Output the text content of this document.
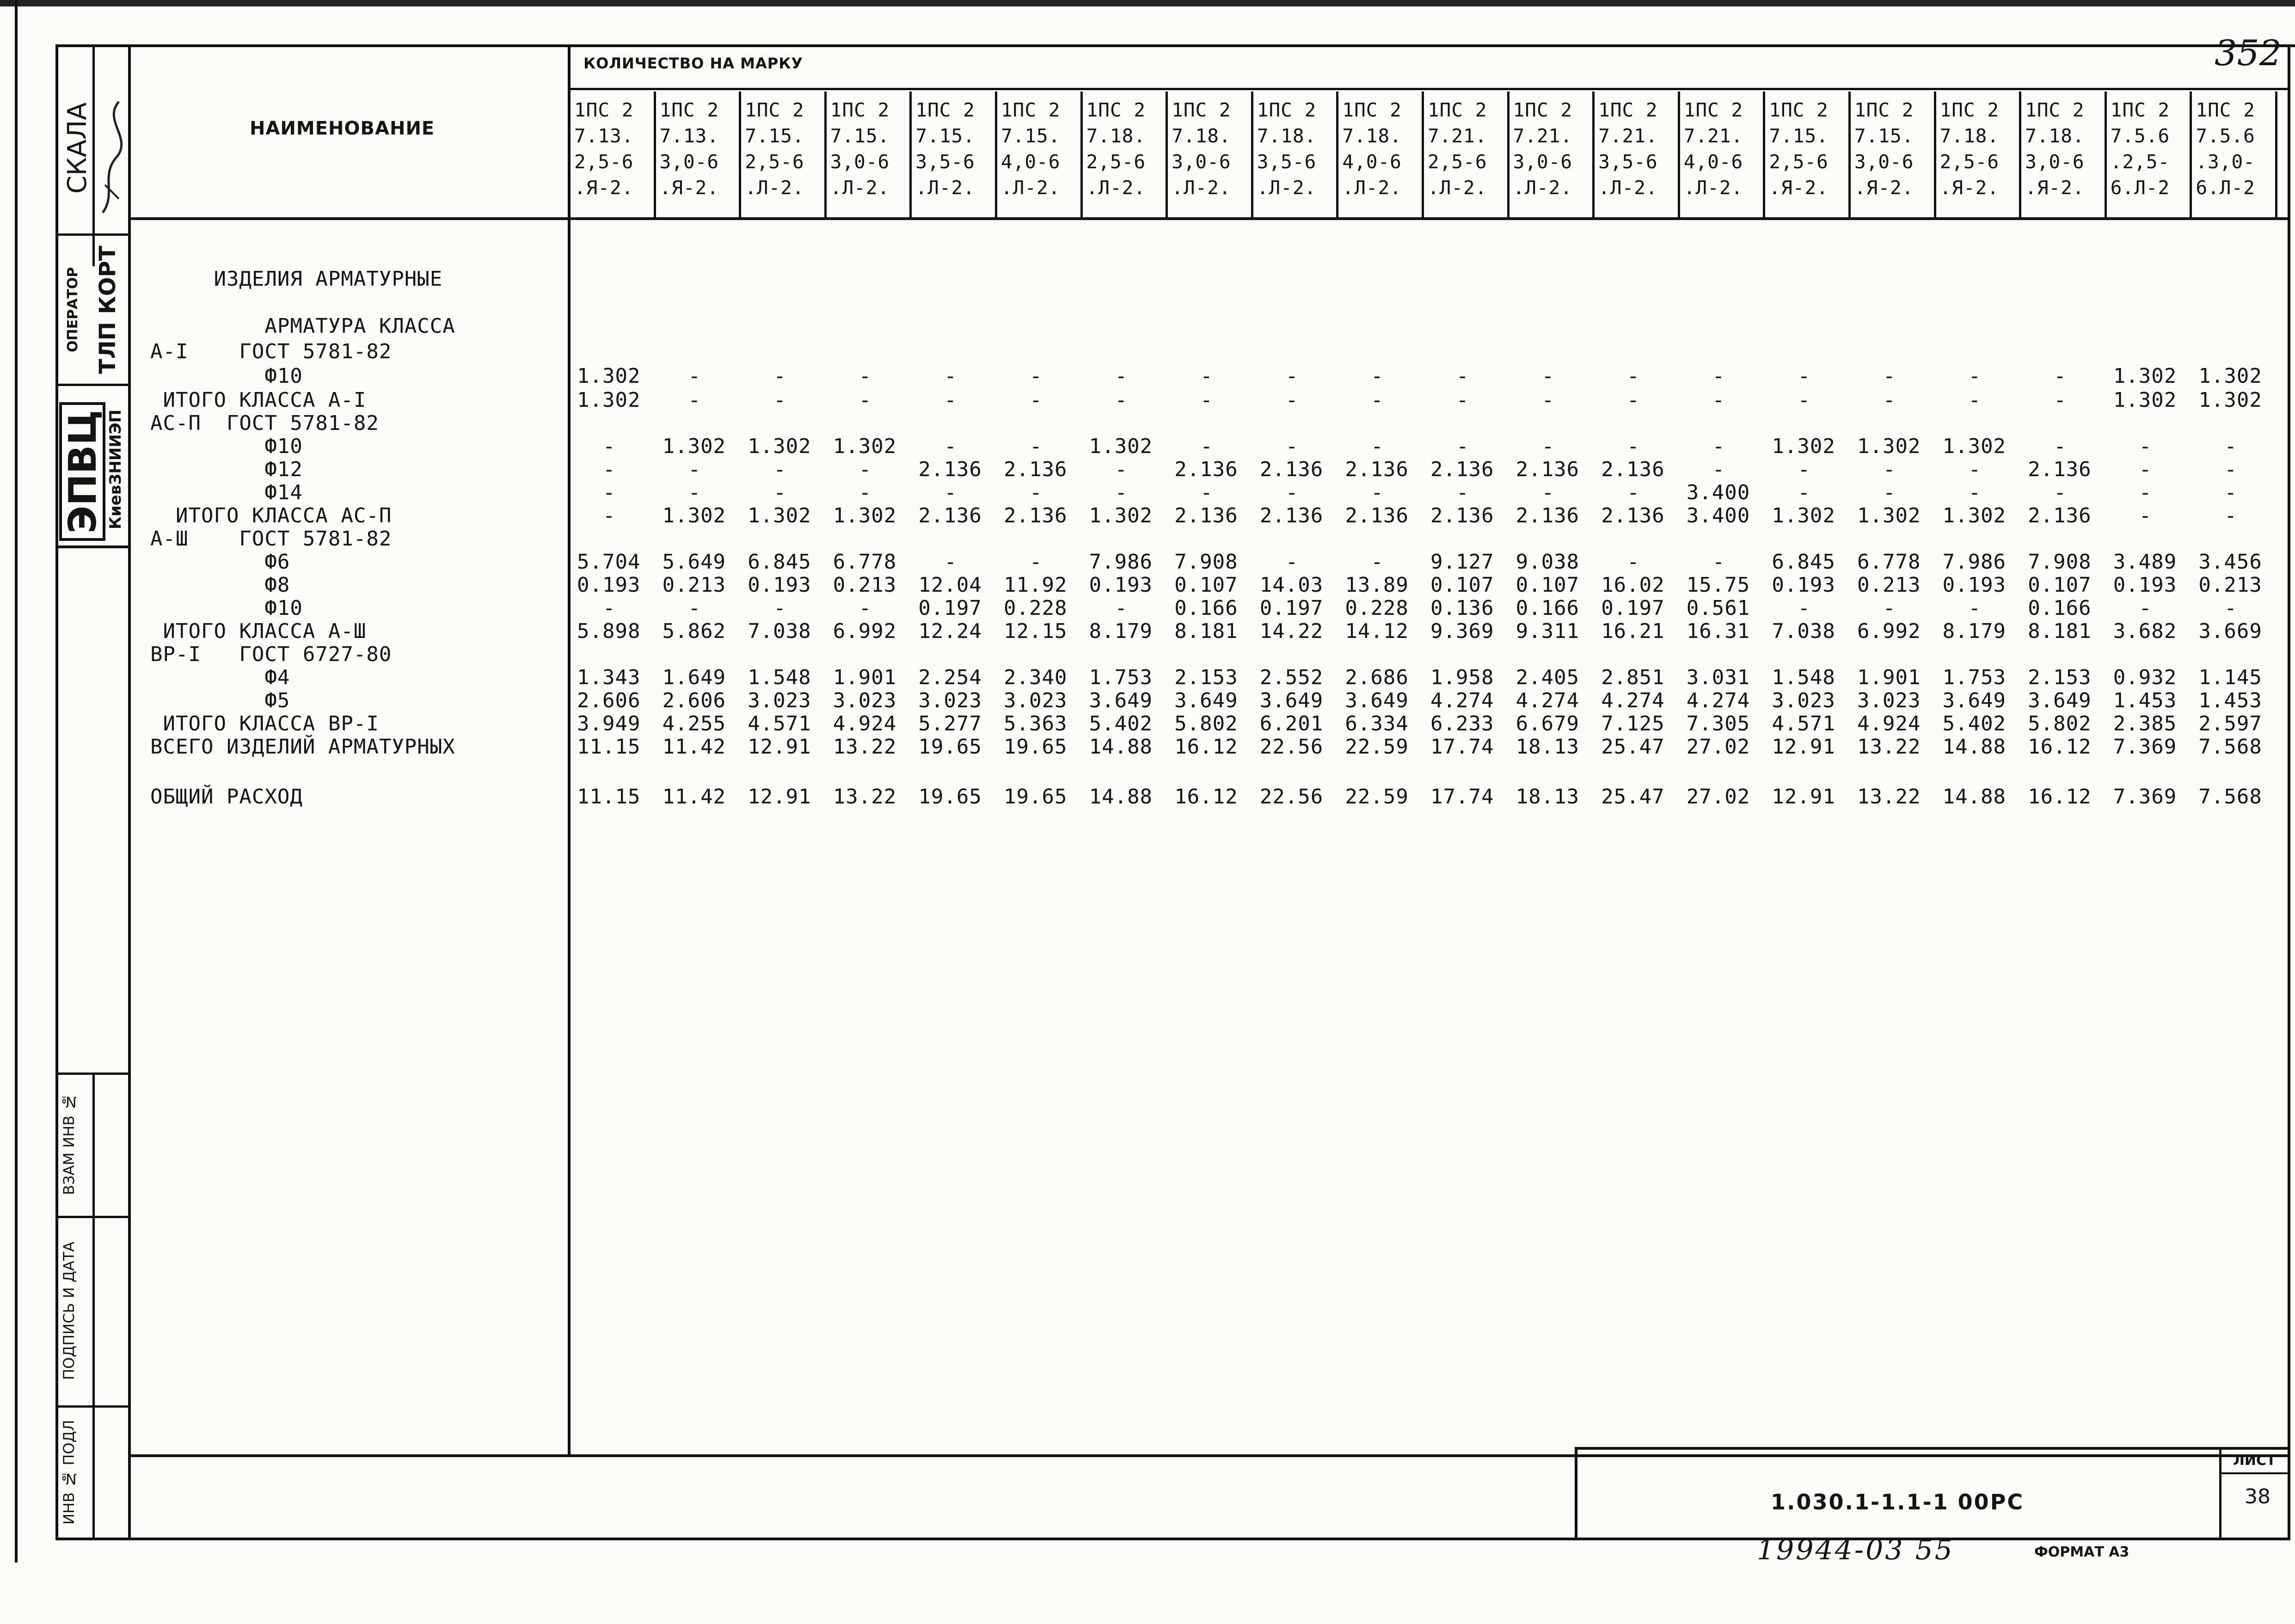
СКАЛА
ОПЕРАТОР ТЛП КОРТ
ЭПВЦ КиевЗНИИЭП
ВЗАМ ИНВ №
ПОДПИСЬ И ДАТА
ИНВ № ПОДЛ
352
НАИМЕНОВАНИЕ
КОЛИЧЕСТВО НА МАРКУ
1ПС 2
7.13.
2,5-6
.Я-2.
1ПС 2
7.13.
3,0-6
.Я-2.
1ПС 2
7.15.
2,5-6
.Л-2.
1ПС 2
7.15.
3,0-6
.Л-2.
1ПС 2
7.15.
3,5-6
.Л-2.
1ПС 2
7.15.
4,0-6
.Л-2.
1ПС 2
7.18.
2,5-6
.Л-2.
1ПС 2
7.18.
3,0-6
.Л-2.
1ПС 2
7.18.
3,5-6
.Л-2.
1ПС 2
7.18.
4,0-6
.Л-2.
1ПС 2
7.21.
2,5-6
.Л-2.
1ПС 2
7.21.
3,0-6
.Л-2.
1ПС 2
7.21.
3,5-6
.Л-2.
1ПС 2
7.21.
4,0-6
.Л-2.
1ПС 2
7.15.
2,5-6
.Я-2.
1ПС 2
7.15.
3,0-6
.Я-2.
1ПС 2
7.18.
2,5-6
.Я-2.
1ПС 2
7.18.
3,0-6
.Я-2.
1ПС 2
7.5.6
.2,5-
6.Л-2
1ПС 2
7.5.6
.3,0-
6.Л-2
ИЗДЕЛИЯ АРМАТУРНЫЕ
АРМАТУРА КЛАССА
А-I    ГОСТ 5781-82
Ф10	1.302 -	-	-	-	-	-	-	-	-	-	-	-	-	-	-	-	- 1.302 1.302
ИТОГО КЛАССА А-I	1.302 -	-	-	-	-	-	-	-	-	-	-	-	-	-	-	-	- 1.302 1.302
АС-П  ГОСТ 5781-82
Ф10	- 1.302 1.302 1.302 -	- 1.302 -	-	-	-	-	-	- 1.302 1.302 1.302 -	-	-
Ф12	-	-	-	- 2.136 2.136 - 2.136 2.136 2.136 2.136 2.136 2.136 -	-	-	- 2.136 -	-
Ф14	-	-	-	-	-	-	-	-	-	-	-	-	- 3.400 -	-	-	-	-	-
ИТОГО КЛАССА АС-П	- 1.302 1.302 1.302 2.136 2.136 1.302 2.136 2.136 2.136 2.136 2.136 2.136 3.400 1.302 1.302 1.302 2.136 -	-
А-Ш    ГОСТ 5781-82
Ф6	5.704 5.649 6.845 6.778 -	- 7.986 7.908 -	- 9.127 9.038 -	- 6.845 6.778 7.986 7.908 3.489 3.456
Ф8	0.193 0.213 0.193 0.213 12.04 11.92 0.193 0.107 14.03 13.89 0.107 0.107 16.02 15.75 0.193 0.213 0.193 0.107 0.193 0.213
Ф10	-	-	-	- 0.197 0.228 - 0.166 0.197 0.228 0.136 0.166 0.197 0.561 -	-	- 0.166 -	-
ИТОГО КЛАССА А-Ш	5.898 5.862 7.038 6.992 12.24 12.15 8.179 8.181 14.22 14.12 9.369 9.311 16.21 16.31 7.038 6.992 8.179 8.181 3.682 3.669
ВР-I   ГОСТ 6727-80
Ф4	1.343 1.649 1.548 1.901 2.254 2.340 1.753 2.153 2.552 2.686 1.958 2.405 2.851 3.031 1.548 1.901 1.753 2.153 0.932 1.145
Ф5	2.606 2.606 3.023 3.023 3.023 3.023 3.649 3.649 3.649 3.649 4.274 4.274 4.274 4.274 3.023 3.023 3.649 3.649 1.453 1.453
ИТОГО КЛАССА ВР-I	3.949 4.255 4.571 4.924 5.277 5.363 5.402 5.802 6.201 6.334 6.233 6.679 7.125 7.305 4.571 4.924 5.402 5.802 2.385 2.597
ВСЕГО ИЗДЕЛИЙ АРМАТУРНЫХ	11.15 11.42 12.91 13.22 19.65 19.65 14.88 16.12 22.56 22.59 17.74 18.13 25.47 27.02 12.91 13.22 14.88 16.12 7.369 7.568
ОБЩИЙ РАСХОД	11.15 11.42 12.91 13.22 19.65 19.65 14.88 16.12 22.56 22.59 17.74 18.13 25.47 27.02 12.91 13.22 14.88 16.12 7.369 7.568
1.030.1-1.1-1 00РС
ЛИСТ
38
19944-03 55	ФОРМАТ А3
